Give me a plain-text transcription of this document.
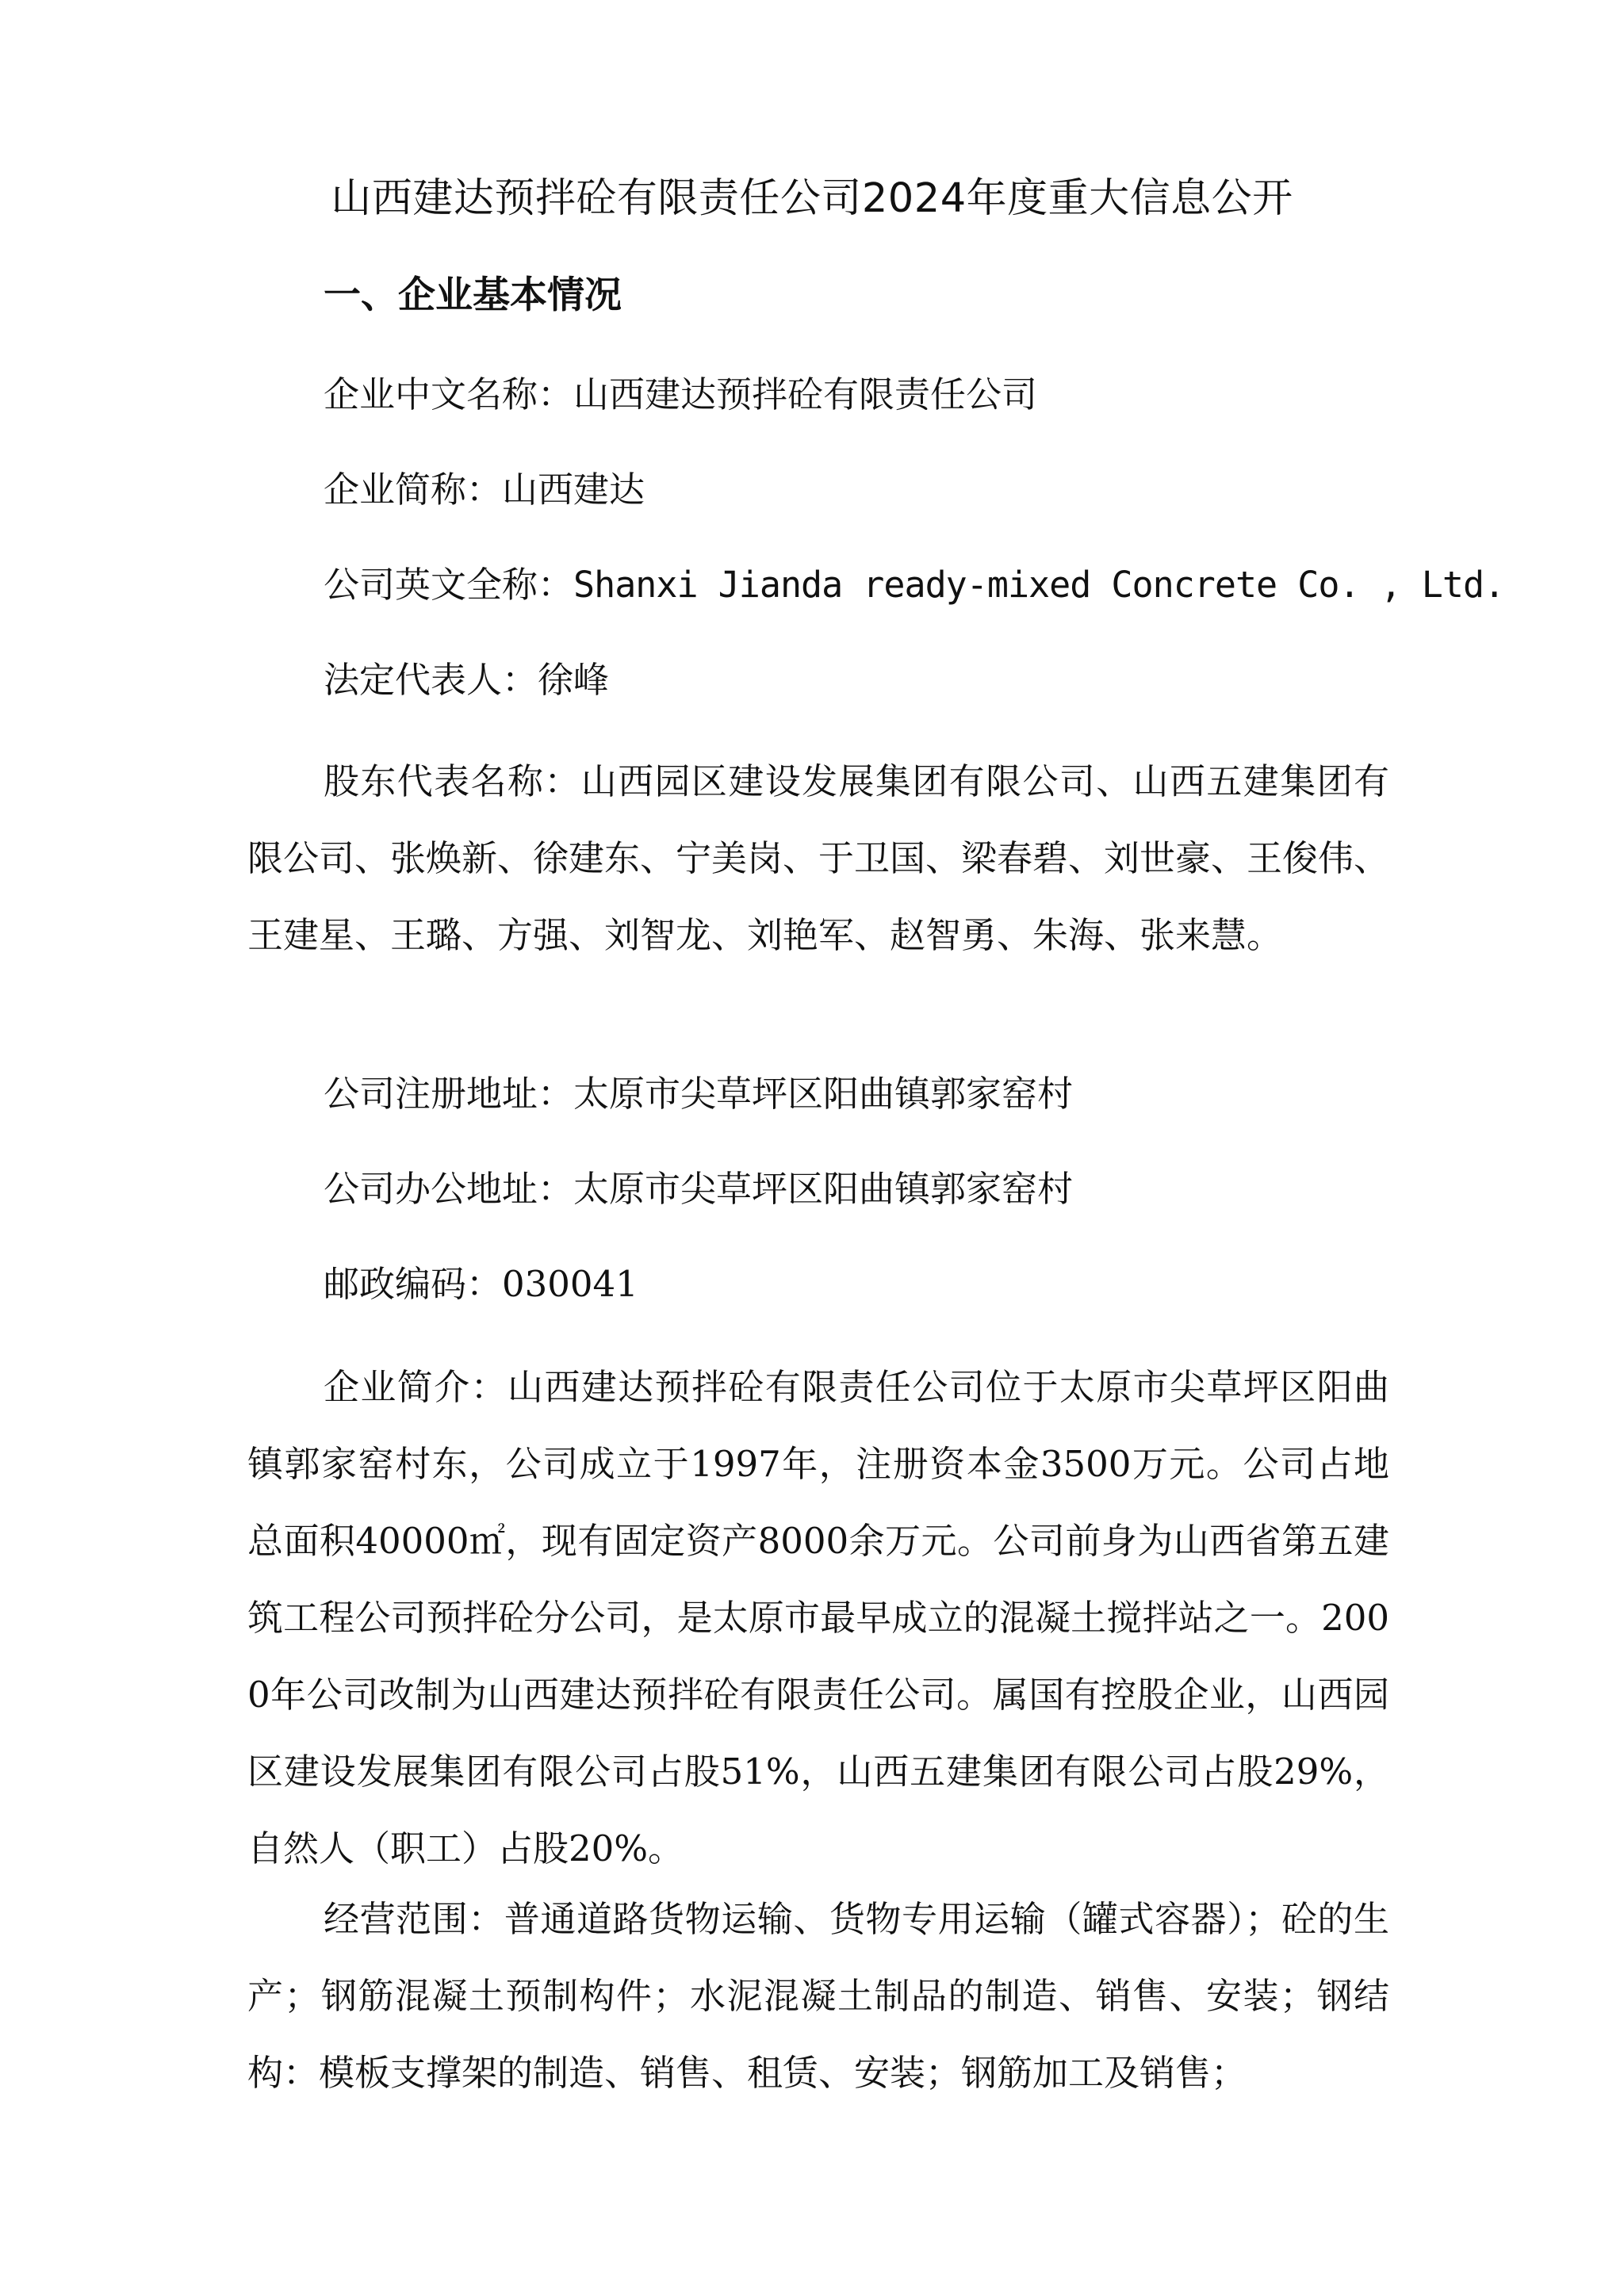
山西建达预拌砼有限责任公司2024年度重大信息公开
一、企业基本情况
企业中文名称：山西建达预拌砼有限责任公司
企业简称：山西建达
公司英文全称：Shanxi Jianda ready-mixed Concrete Co. , Ltd.
法定代表人：徐峰

股东代表名称：山西园区建设发展集团有限公司、山西五建集团有限公司、张焕新、徐建东、宁美岗、于卫国、梁春碧、刘世豪、王俊伟、王建星、王璐、方强、刘智龙、刘艳军、赵智勇、朱海、张来慧。

公司注册地址：太原市尖草坪区阳曲镇郭家窑村
公司办公地址：太原市尖草坪区阳曲镇郭家窑村
邮政编码：030041

企业简介：山西建达预拌砼有限责任公司位于太原市尖草坪区阳曲镇郭家窑村东，公司成立于1997年，注册资本金3500万元。公司占地总面积40000㎡，现有固定资产8000余万元。公司前身为山西省第五建筑工程公司预拌砼分公司，是太原市最早成立的混凝土搅拌站之一。2000年公司改制为山西建达预拌砼有限责任公司。属国有控股企业，山西园区建设发展集团有限公司占股51%，山西五建集团有限公司占股29%，自然人（职工）占股20%。

经营范围：普通道路货物运输、货物专用运输（罐式容器）；砼的生产；钢筋混凝土预制构件；水泥混凝土制品的制造、销售、安装；钢结构：模板支撑架的制造、销售、租赁、安装；钢筋加工及销售；
